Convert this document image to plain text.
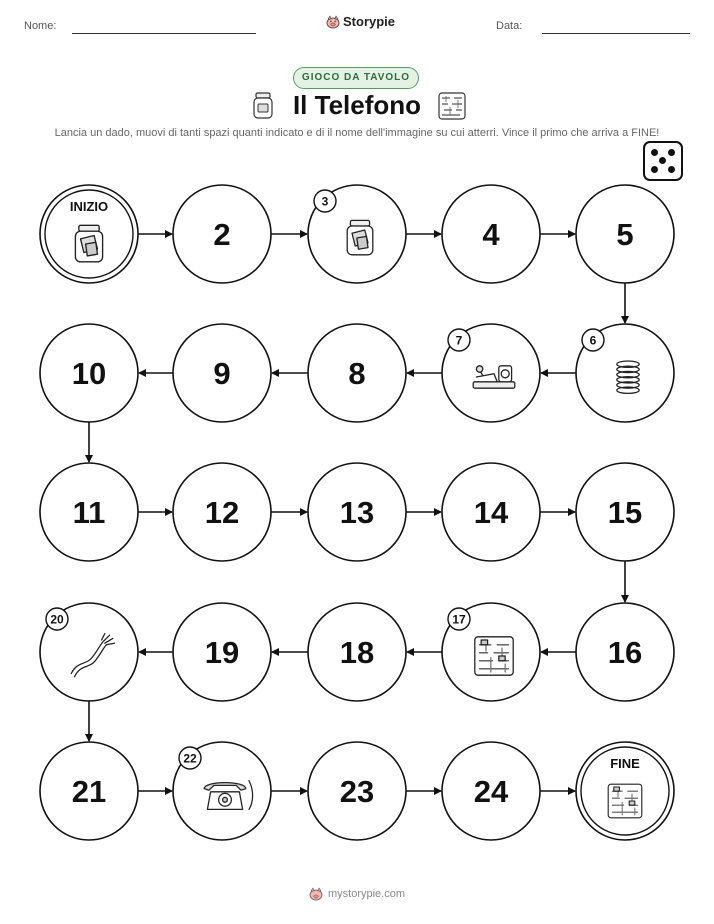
Nome:	Data:
Storypie
GIOCO DA TAVOLO
Il Telefono
Lancia un dado, muovi di tanti spazi quanti indicato e di il nome dell'immagine su cui atterri. Vince il primo che arriva a FINE!
INIZIO
2
3
4	5
6
7
8
9
10
11	12	13	14	15
16
17
18
19
20
21
22
23	24
FINE
mystorypie.com
